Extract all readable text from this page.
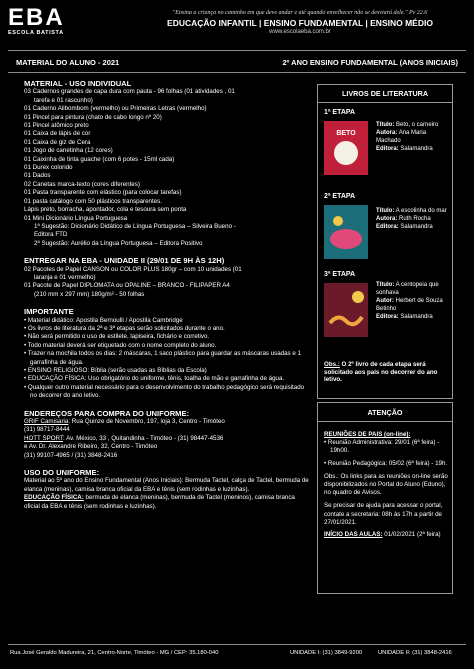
EBA
ESCOLA BATISTA
"Ensina a criança no caminho em que deve andar e até quando envelhecer não se desviará dele." Pv 22.6
EDUCAÇÃO INFANTIL | ENSINO FUNDAMENTAL | ENSINO MÉDIO
www.escolaeba.com.br
MATERIAL DO ALUNO - 2021	2º ANO ENSINO FUNDAMENTAL (ANOS INICIAIS)
MATERIAL - USO INDIVIDUAL
03 Cadernos grandes de capa dura com pauta - 96 folhas (01 atividades , 01
tarefa e 01 rascunho)
01 Caderno Alibombom (vermelho) ou Primeiras Letras (vermelho)
01 Pincel para pintura (chato de cabo longo nº 20)
01 Pincel atômico preto
01 Caixa de lápis de cor
01 Caixa de giz de Cera
01 Jogo de canetinha (12 cores)
01 Caixinha de tinta guache (com 6 potes - 15ml cada)
01 Durex colorido
01 Dados
02 Canetas marca-texto (cores diferentes)
01 Pasta transparente com elástico (para colocar tarefas)
01 pasta catálogo com 50 plásticos transparentes.
Lápis preto, borracha, apontador, cola e tesoura sem ponta
01 Mini Dicionário Língua Portuguesa
1ª Sugestão: Dicionário Didático de Língua Portuguesa – Silveira Bueno -
Editora FTD
2ª Sugestão: Aurélio da Língua Portuguesa – Editora Positivo
ENTREGAR NA EBA - UNIDADE II (29/01 DE 9H ÀS 12H)
02 Pacotes de Papel CANSON ou COLOR PLUS 180gr – com 10 unidades (01
laranja e 01 vermelho)
01 Pacote de Papel DIPLOMATA ou OPALINE – BRANCO - FILIPAPER A4
(210 mm x 297 mm) 180g/m² - 50 folhas
IMPORTANTE
• Material didático: Apostila Bernoulli / Apostila Cambridge
• Os livros de literatura da 2ª e 3ª etapas serão solicitados durante o ano.
• Não será permitido o uso de estilete, lapiseira, fichário e corretivo.
• Todo material deverá ser etiquetado com o nome completo do aluno.
• Trazer na mochila todos os dias: 2 máscaras, 1 saco plástico para guardar as máscaras usadas e 1 garrafinha de água.
• ENSINO RELIGIOSO: Bíblia (serão usadas as Bíblias da Escola)
• EDUCAÇÃO FÍSICA: Uso obrigatório do uniforme, tênis, toalha de mão e garrafinha de água.
• Qualquer outro material necessário para o desenvolvimento do trabalho pedagógico será requisitado no decorrer do ano letivo.
ENDEREÇOS PARA COMPRA DO UNIFORME:
GRIF Camisaria: Rua Quinze de Novembro, 197, loja 3, Centro - Timóteo
(31) 98717-8444
HOTT SPORT: Av. México, 33 , Quitandinha - Timóteo - (31) 98447-4536
e Av. Dr. Alexandre Ribeiro, 32, Centro - Timóteo
(31) 99107-4965 / (31) 3848-2416
USO DO UNIFORME:
Material ao 5º ano do Ensino Fundamental (Anos Iniciais): Bermuda Tactel, calça de Tactel, bermuda de elanca (meninas), camisa branca oficial da EBA e tênis (sem rodinhas e luzinhas).
EDUCAÇÃO FÍSICA: bermuda de elanca (meninas), bermuda de Tactel (meninos), camisa branca oficial da EBA e tênis (sem rodinhas e luzinhas).
LIVROS DE LITERATURA
1ª ETAPA
BETO
Título: Beto, o carneiro
Autora: Ana Maria Machado
Editora: Salamandra
2ª ETAPA
Título: A escolinha do mar
Autora: Ruth Rocha
Editora: Salamandra
3ª ETAPA
Título: A centopeia que sonhava
Autor: Herbert de Souza Betinho
Editora: Salamandra
Obs.: O 2º livro de cada etapa será solicitado aos pais no decorrer do ano letivo.
ATENÇÃO
REUNIÕES DE PAIS (on-line):
• Reunião Administrativa: 29/01 (6ª feira) - 19h00.
• Reunião Pedagógica: 05/02 (6ª feira) - 19h.
Obs.: Os links para as reuniões on-line serão disponibilizados no Portal do Aluno (Eduno), no quadro de Avisos.
Se precisar de ajuda para acessar o portal, contate a secretaria: 08h às 17h a partir de 27/01/2021.
INÍCIO DAS AULAS: 01/02/2021 (2ª feira)
Rua José Geraldo Madureira, 21, Centro-Norte, Timóteo - MG / CEP: 35.180-040	UNIDADE I: (31) 3849-9200	UNIDADE II: (31) 3848-2416
